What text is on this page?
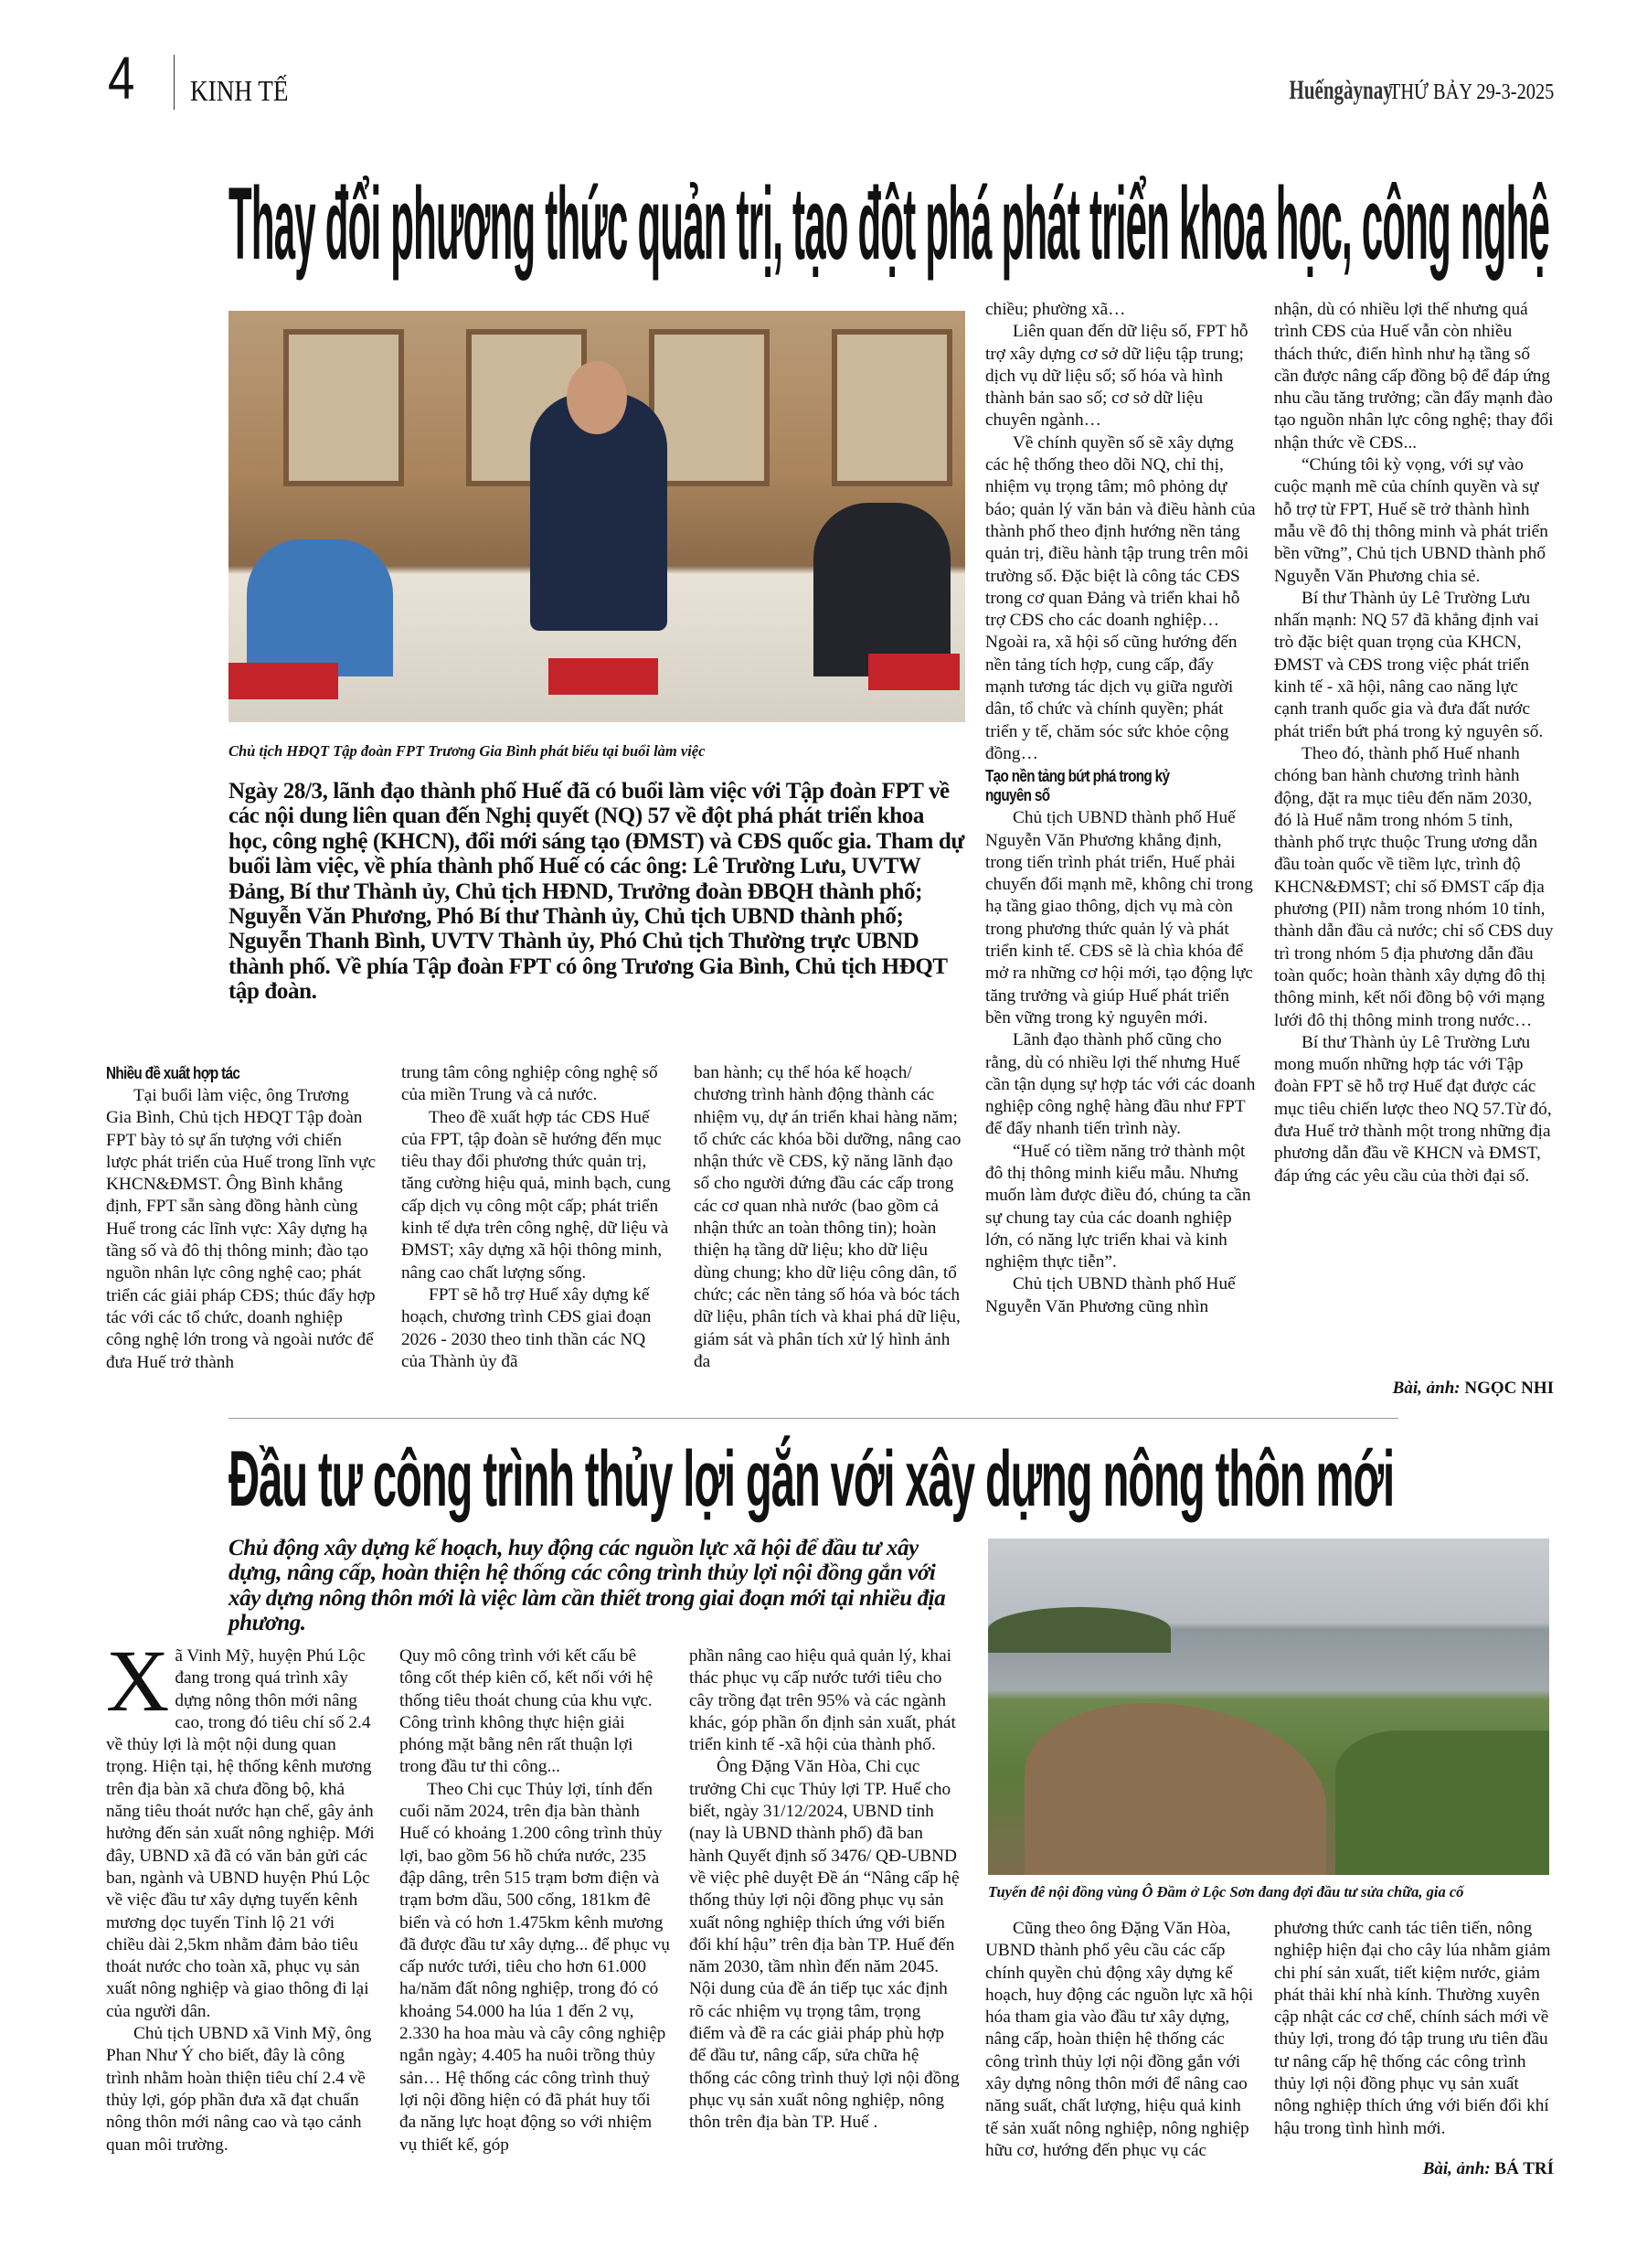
4 KINH TẾ	Huếngàynay THỨ BẢY 29-3-2025
Thay đổi phương thức quản trị, tạo đột phá phát triển khoa học, công nghệ
Chủ tịch HĐQT Tập đoàn FPT Trương Gia Bình phát biểu tại buổi làm việc
Ngày 28/3, lãnh đạo thành phố Huế đã có buổi làm việc với Tập đoàn FPT về các nội dung liên quan đến Nghị quyết (NQ) 57 về đột phá phát triển khoa học, công nghệ (KHCN), đổi mới sáng tạo (ĐMST) và CĐS quốc gia. Tham dự buổi làm việc, về phía thành phố Huế có các ông: Lê Trường Lưu, UVTW Đảng, Bí thư Thành ủy, Chủ tịch HĐND, Trưởng đoàn ĐBQH thành phố; Nguyễn Văn Phương, Phó Bí thư Thành ủy, Chủ tịch UBND thành phố; Nguyễn Thanh Bình, UVTV Thành ủy, Phó Chủ tịch Thường trực UBND thành phố. Về phía Tập đoàn FPT có ông Trương Gia Bình, Chủ tịch HĐQT tập đoàn.
Nhiều đề xuất hợp tác

Tại buổi làm việc, ông Trương Gia Bình, Chủ tịch HĐQT Tập đoàn FPT bày tỏ sự ấn tượng với chiến lược phát triển của Huế trong lĩnh vực KHCN&ĐMST. Ông Bình khẳng định, FPT sẵn sàng đồng hành cùng Huế trong các lĩnh vực: Xây dựng hạ tầng số và đô thị thông minh; đào tạo nguồn nhân lực công nghệ cao; phát triển các giải pháp CĐS; thúc đẩy hợp tác với các tổ chức, doanh nghiệp công nghệ lớn trong và ngoài nước để đưa Huế trở thành

trung tâm công nghiệp công nghệ số của miền Trung và cả nước.

Theo đề xuất hợp tác CĐS Huế của FPT, tập đoàn sẽ hướng đến mục tiêu thay đổi phương thức quản trị, tăng cường hiệu quả, minh bạch, cung cấp dịch vụ công một cấp; phát triển kinh tế dựa trên công nghệ, dữ liệu và ĐMST; xây dựng xã hội thông minh, nâng cao chất lượng sống.

FPT sẽ hỗ trợ Huế xây dựng kế hoạch, chương trình CĐS giai đoạn 2026 - 2030 theo tinh thần các NQ của Thành ủy đã

ban hành; cụ thể hóa kế hoạch/ chương trình hành động thành các nhiệm vụ, dự án triển khai hàng năm; tổ chức các khóa bồi dưỡng, nâng cao nhận thức về CĐS, kỹ năng lãnh đạo số cho người đứng đầu các cấp trong các cơ quan nhà nước (bao gồm cả nhận thức an toàn thông tin); hoàn thiện hạ tầng dữ liệu; kho dữ liệu dùng chung; kho dữ liệu công dân, tổ chức; các nền tảng số hóa và bóc tách dữ liệu, phân tích và khai phá dữ liệu, giám sát và phân tích xử lý hình ảnh đa

chiều; phường xã…

Liên quan đến dữ liệu số, FPT hỗ trợ xây dựng cơ sở dữ liệu tập trung; dịch vụ dữ liệu số; số hóa và hình thành bản sao số; cơ sở dữ liệu chuyên ngành…

Về chính quyền số sẽ xây dựng các hệ thống theo dõi NQ, chỉ thị, nhiệm vụ trọng tâm; mô phỏng dự báo; quản lý văn bản và điều hành của thành phố theo định hướng nền tảng quản trị, điều hành tập trung trên môi trường số. Đặc biệt là công tác CĐS trong cơ quan Đảng và triển khai hỗ trợ CĐS cho các doanh nghiệp… Ngoài ra, xã hội số cũng hướng đến nền tảng tích hợp, cung cấp, đẩy mạnh tương tác dịch vụ giữa người dân, tổ chức và chính quyền; phát triển y tế, chăm sóc sức khỏe cộng đồng…

Tạo nền tảng bứt phá trong kỷ nguyên số

Chủ tịch UBND thành phố Huế Nguyễn Văn Phương khẳng định, trong tiến trình phát triển, Huế phải chuyển đổi mạnh mẽ, không chỉ trong hạ tầng giao thông, dịch vụ mà còn trong phương thức quản lý và phát triển kinh tế. CĐS sẽ là chìa khóa để mở ra những cơ hội mới, tạo động lực tăng trưởng và giúp Huế phát triển bền vững trong kỷ nguyên mới.

Lãnh đạo thành phố cũng cho rằng, dù có nhiều lợi thế nhưng Huế cần tận dụng sự hợp tác với các doanh nghiệp công nghệ hàng đầu như FPT để đẩy nhanh tiến trình này.

“Huế có tiềm năng trở thành một đô thị thông minh kiểu mẫu. Nhưng muốn làm được điều đó, chúng ta cần sự chung tay của các doanh nghiệp lớn, có năng lực triển khai và kinh nghiệm thực tiễn”.

Chủ tịch UBND thành phố Huế Nguyễn Văn Phương cũng nhìn

nhận, dù có nhiều lợi thế nhưng quá trình CĐS của Huế vẫn còn nhiều thách thức, điển hình như hạ tầng số cần được nâng cấp đồng bộ để đáp ứng nhu cầu tăng trưởng; cần đẩy mạnh đào tạo nguồn nhân lực công nghệ; thay đổi nhận thức về CĐS...

“Chúng tôi kỳ vọng, với sự vào cuộc mạnh mẽ của chính quyền và sự hỗ trợ từ FPT, Huế sẽ trở thành hình mẫu về đô thị thông minh và phát triển bền vững”, Chủ tịch UBND thành phố Nguyễn Văn Phương chia sẻ.

Bí thư Thành ủy Lê Trường Lưu nhấn mạnh: NQ 57 đã khẳng định vai trò đặc biệt quan trọng của KHCN, ĐMST và CĐS trong việc phát triển kinh tế - xã hội, nâng cao năng lực cạnh tranh quốc gia và đưa đất nước phát triển bứt phá trong kỷ nguyên số.

Theo đó, thành phố Huế nhanh chóng ban hành chương trình hành động, đặt ra mục tiêu đến năm 2030, đó là Huế nằm trong nhóm 5 tỉnh, thành phố trực thuộc Trung ương dẫn đầu toàn quốc về tiềm lực, trình độ KHCN&ĐMST; chỉ số ĐMST cấp địa phương (PII) nằm trong nhóm 10 tỉnh, thành dẫn đầu cả nước; chỉ số CĐS duy trì trong nhóm 5 địa phương dẫn đầu toàn quốc; hoàn thành xây dựng đô thị thông minh, kết nối đồng bộ với mạng lưới đô thị thông minh trong nước…

Bí thư Thành ủy Lê Trường Lưu mong muốn những hợp tác với Tập đoàn FPT sẽ hỗ trợ Huế đạt được các mục tiêu chiến lược theo NQ 57.Từ đó, đưa Huế trở thành một trong những địa phương dẫn đầu về KHCN và ĐMST, đáp ứng các yêu cầu của thời đại số.

Bài, ảnh: NGỌC NHI
Đầu tư công trình thủy lợi gắn với xây dựng nông thôn mới
Chủ động xây dựng kế hoạch, huy động các nguồn lực xã hội để đầu tư xây dựng, nâng cấp, hoàn thiện hệ thống các công trình thủy lợi nội đồng gắn với xây dựng nông thôn mới là việc làm cần thiết trong giai đoạn mới tại nhiều địa phương.
Tuyến đê nội đồng vùng Ô Đầm ở Lộc Sơn đang đợi đầu tư sửa chữa, gia cố

Xã Vinh Mỹ, huyện Phú Lộc đang trong quá trình xây dựng nông thôn mới nâng cao, trong đó tiêu chí số 2.4 về thủy lợi là một nội dung quan trọng. Hiện tại, hệ thống kênh mương trên địa bàn xã chưa đồng bộ, khả năng tiêu thoát nước hạn chế, gây ảnh hưởng đến sản xuất nông nghiệp. Mới đây, UBND xã đã có văn bản gửi các ban, ngành và UBND huyện Phú Lộc về việc đầu tư xây dựng tuyến kênh mương dọc tuyến Tỉnh lộ 21 với chiều dài 2,5km nhằm đảm bảo tiêu thoát nước cho toàn xã, phục vụ sản xuất nông nghiệp và giao thông đi lại của người dân.

Chủ tịch UBND xã Vinh Mỹ, ông Phan Như Ý cho biết, đây là công trình nhằm hoàn thiện tiêu chí 2.4 về thủy lợi, góp phần đưa xã đạt chuẩn nông thôn mới nâng cao và tạo cảnh quan môi trường.

Quy mô công trình với kết cấu bê tông cốt thép kiên cố, kết nối với hệ thống tiêu thoát chung của khu vực. Công trình không thực hiện giải phóng mặt bằng nên rất thuận lợi trong đầu tư thi công...

Theo Chi cục Thủy lợi, tính đến cuối năm 2024, trên địa bàn thành Huế có khoảng 1.200 công trình thủy lợi, bao gồm 56 hồ chứa nước, 235 đập dâng, trên 515 trạm bơm điện và trạm bơm dầu, 500 cống, 181km đê biển và có hơn 1.475km kênh mương đã được đầu tư xây dựng... để phục vụ cấp nước tưới, tiêu cho hơn 61.000 ha/năm đất nông nghiệp, trong đó có khoảng 54.000 ha lúa 1 đến 2 vụ, 2.330 ha hoa màu và cây công nghiệp ngắn ngày; 4.405 ha nuôi trồng thủy sản… Hệ thống các công trình thuỷ lợi nội đồng hiện có đã phát huy tối đa năng lực hoạt động so với nhiệm vụ thiết kế, góp

phần nâng cao hiệu quả quản lý, khai thác phục vụ cấp nước tưới tiêu cho cây trồng đạt trên 95% và các ngành khác, góp phần ổn định sản xuất, phát triển kinh tế -xã hội của thành phố.

Ông Đặng Văn Hòa, Chi cục trưởng Chi cục Thủy lợi TP. Huế cho biết, ngày 31/12/2024, UBND tỉnh (nay là UBND thành phố) đã ban hành Quyết định số 3476/ QĐ-UBND về việc phê duyệt Đề án “Nâng cấp hệ thống thủy lợi nội đồng phục vụ sản xuất nông nghiệp thích ứng với biến đổi khí hậu” trên địa bàn TP. Huế đến năm 2030, tầm nhìn đến năm 2045. Nội dung của đề án tiếp tục xác định rõ các nhiệm vụ trọng tâm, trọng điểm và đề ra các giải pháp phù hợp để đầu tư, nâng cấp, sửa chữa hệ thống các công trình thuỷ lợi nội đồng phục vụ sản xuất nông nghiệp, nông thôn trên địa bàn TP. Huế .

Cũng theo ông Đặng Văn Hòa, UBND thành phố yêu cầu các cấp chính quyền chủ động xây dựng kế hoạch, huy động các nguồn lực xã hội hóa tham gia vào đầu tư xây dựng, nâng cấp, hoàn thiện hệ thống các công trình thủy lợi nội đồng gắn với xây dựng nông thôn mới để nâng cao năng suất, chất lượng, hiệu quả kinh tế sản xuất nông nghiệp, nông nghiệp hữu cơ, hướng đến phục vụ các

phương thức canh tác tiên tiến, nông nghiệp hiện đại cho cây lúa nhằm giảm chi phí sản xuất, tiết kiệm nước, giảm phát thải khí nhà kính. Thường xuyên cập nhật các cơ chế, chính sách mới về thủy lợi, trong đó tập trung ưu tiên đầu tư nâng cấp hệ thống các công trình thủy lợi nội đồng phục vụ sản xuất nông nghiệp thích ứng với biến đổi khí hậu trong tình hình mới.

Bài, ảnh: BÁ TRÍ
